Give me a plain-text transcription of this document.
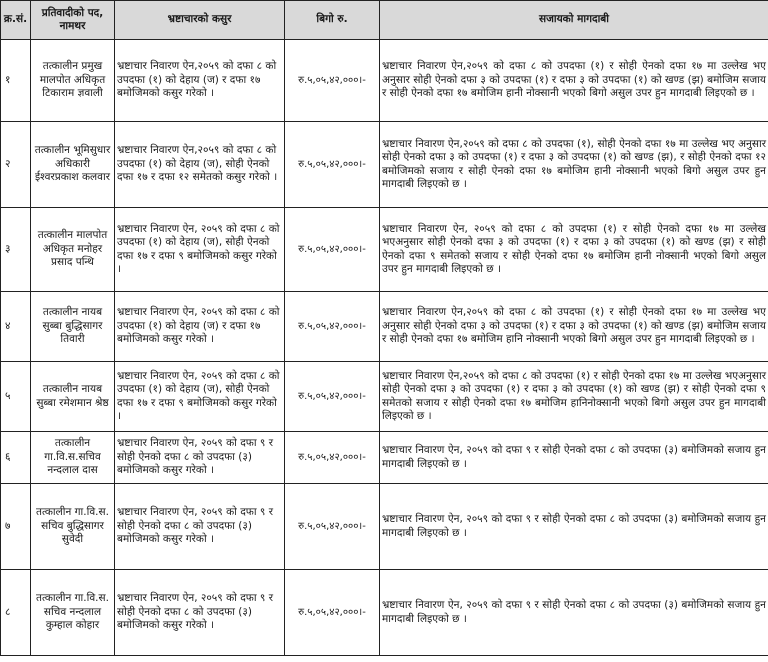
क्र.सं.	प्रतिवादीको पद, नामथर	भ्रष्टाचारको कसुर	बिगो रु.	सजायको मागदाबी
१	तत्कालीन प्रमुख मालपोत अधिकृत टिकाराम ज्ञवाली	भ्रष्टाचार निवारण ऐन,२०५९ को दफा ८ को उपदफा (१) को देहाय (ज) र दफा १७ बमोजिमको कसुर गरेको ।	रु.५,०५,४२,०००।-	भ्रष्टाचार निवारण ऐन,२०५९ को दफा ८ को उपदफा (१) र सोही ऐनको दफा १७ मा उल्लेख भए अनुसार सोही ऐनको दफा ३ को उपदफा (१) र दफा ३ को उपदफा (१) को खण्ड (झ) बमोजिम सजाय र सोही ऐनको दफा १७ बमोजिम हानी नोक्सानी भएको बिगो असुल उपर हुन मागदाबी लिइएको छ ।
२	तत्कालीन भूमिसुधार अधिकारी ईश्वरप्रकाश कलवार	भ्रष्टाचार निवारण ऐन,२०५९ को दफा ८ को उपदफा (१) को देहाय (ज), सोही ऐनको दफा १७ र दफा १२ समेतको कसुर गरेको ।	रु.५,०५,४२,०००।-	भ्रष्टाचार निवारण ऐन,२०५९ को दफा ८ को उपदफा (१), सोही ऐनको दफा १७ मा उल्लेख भए अनुसार सोही ऐनको दफा ३ को उपदफा (१) र दफा ३ को उपदफा (१) को खण्ड (झ), र सोही ऐनको दफा १२ बमोजिमको सजाय र सोही ऐनको दफा १७ बमोजिम हानी नोक्सानी भएको बिगो असुल उपर हुन मागदाबी लिइएको छ ।
३	तत्कालीन मालपोत अधिकृत मनोहर प्रसाद पन्थि	भ्रष्टाचार निवारण ऐन, २०५९ को दफा ८ को उपदफा (१) को देहाय (ज), सोही ऐनको दफा १७ र दफा ९ बमोजिमको कसुर गरेको ।	रु.५,०५,४२,०००।-	भ्रष्टाचार निवारण ऐन, २०५९ को दफा ८ को उपदफा (१) र सोही ऐनको दफा १७ मा उल्लेख भएअनुसार सोही ऐनको दफा ३ को उपदफा (१) र दफा ३ को उपदफा (१) को खण्ड (झ) र सोही ऐनको दफा ९ समेतको सजाय र सोही ऐनको दफा १७ बमोजिम हानी नोक्सानी भएको बिगो असुल उपर हुन मागदाबी लिइएको छ ।
४	तत्कालीन नायब सुब्बा बुद्धिसागर तिवारी	भ्रष्टाचार निवारण ऐन, २०५९ को दफा ८ को उपदफा (१) को देहाय (ज) र दफा १७ बमोजिमको कसुर गरेको ।	रु.५,०५,४२,०००।-	भ्रष्टाचार निवारण ऐन,२०५९ को दफा ८ को उपदफा (१) र सोही ऐनको दफा १७ मा उल्लेख भए अनुसार सोही ऐनको दफा ३ को उपदफा (१) र दफा ३ को उपदफा (१) को खण्ड (झ) बमोजिम सजाय र सोही ऐनको दफा १७ बमोजिम हानि नोक्सानी भएको बिगो असुल उपर हुन मागदाबी लिइएको छ ।
५	तत्कालीन नायब सुब्बा रमेशमान श्रेष्ठ	भ्रष्टाचार निवारण ऐन, २०५९ को दफा ८ को उपदफा (१) को देहाय (ज), सोही ऐनको दफा १७ र दफा ९ बमोजिमको कसुर गरेको ।	रु.५,०५,४२,०००।-	भ्रष्टाचार निवारण ऐन,२०५९ को दफा ८ को उपदफा (१) र सोही ऐनको दफा १७ मा उल्लेख भएअनुसार सोही ऐनको दफा ३ को उपदफा (१) र दफा ३ को उपदफा (१) को खण्ड (झ) र सोही ऐनको दफा ९ समेतको सजाय र सोही ऐनको दफा १७ बमोजिम हानिनोक्सानी भएको बिगो असुल उपर हुन मागदाबी लिइएको छ ।
६	तत्कालीन गा.वि.स.सचिव नन्दलाल दास	भ्रष्टाचार निवारण ऐन, २०५९ को दफा ९ र सोही ऐनको दफा ८ को उपदफा (३) बमोजिमको कसुर गरेको ।	रु.५,०५,४२,०००।-	भ्रष्टाचार निवारण ऐन, २०५९ को दफा ९ र सोही ऐनको दफा ८ को उपदफा (३) बमोजिमको सजाय हुन मागदाबी लिइएको छ ।
७	तत्कालीन गा.वि.स. सचिव बुद्धिसागर सुवेदी	भ्रष्टाचार निवारण ऐन, २०५९ को दफा ९ र सोही ऐनको दफा ८ को उपदफा (३) बमोजिमको कसुर गरेको ।	रु.५,०५,४२,०००।-	भ्रष्टाचार निवारण ऐन, २०५९ को दफा ९ र सोही ऐनको दफा ८ को उपदफा (३) बमोजिमको सजाय हुन मागदाबी लिइएको छ ।
८	तत्कालीन गा.वि.स. सचिव नन्दलाल कुम्हाल कोहार	भ्रष्टाचार निवारण ऐन, २०५९ को दफा ९ र सोही ऐनको दफा ८ को उपदफा (३) बमोजिमको कसुर गरेको ।	रु.५,०५,४२,०००।-	भ्रष्टाचार निवारण ऐन, २०५९ को दफा ९ र सोही ऐनको दफा ८ को उपदफा (३) बमोजिमको सजाय हुन मागदाबी लिइएको छ ।
